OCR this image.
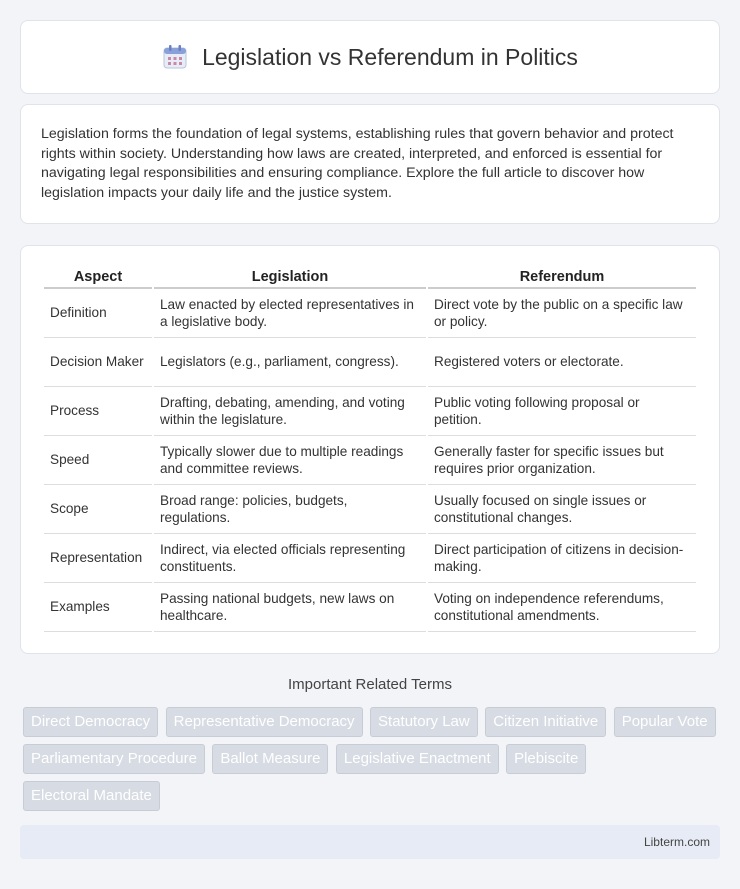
Legislation vs Referendum in Politics

Legislation forms the foundation of legal systems, establishing rules that govern behavior and protect rights within society. Understanding how laws are created, interpreted, and enforced is essential for navigating legal responsibilities and ensuring compliance. Explore the full article to discover how legislation impacts your daily life and the justice system.

Aspect	Legislation	Referendum
Definition	Law enacted by elected representatives in a legislative body.	Direct vote by the public on a specific law or policy.
Decision Maker	Legislators (e.g., parliament, congress).	Registered voters or electorate.
Process	Drafting, debating, amending, and voting within the legislature.	Public voting following proposal or petition.
Speed	Typically slower due to multiple readings and committee reviews.	Generally faster for specific issues but requires prior organization.
Scope	Broad range: policies, budgets, regulations.	Usually focused on single issues or constitutional changes.
Representation	Indirect, via elected officials representing constituents.	Direct participation of citizens in decision-making.
Examples	Passing national budgets, new laws on healthcare.	Voting on independence referendums, constitutional amendments.
Important Related Terms
Direct Democracy Representative Democracy Statutory Law Citizen Initiative Popular Vote Parliamentary Procedure Ballot Measure Legislative Enactment Plebiscite Electoral Mandate
Libterm.com
